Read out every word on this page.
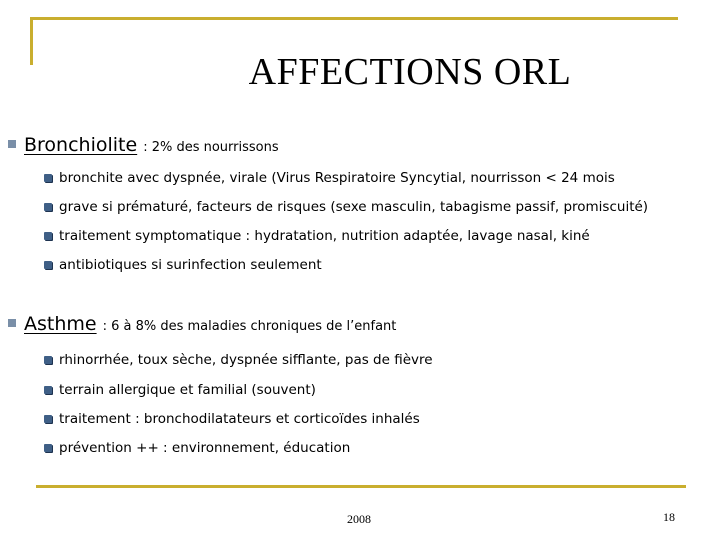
AFFECTIONS ORL
Bronchiolite : 2% des nourrissons
bronchite avec dyspnée, virale (Virus Respiratoire Syncytial, nourrisson < 24 mois
grave si prématuré, facteurs de risques (sexe masculin, tabagisme passif, promiscuité)
traitement symptomatique : hydratation, nutrition adaptée, lavage nasal, kiné
antibiotiques si surinfection seulement
Asthme : 6 à 8% des maladies chroniques de l’enfant
rhinorrhée, toux sèche, dyspnée sifflante, pas de fièvre
terrain allergique et familial (souvent)
traitement : bronchodilatateurs et corticoïdes inhalés
prévention ++ : environnement, éducation
2008	18
